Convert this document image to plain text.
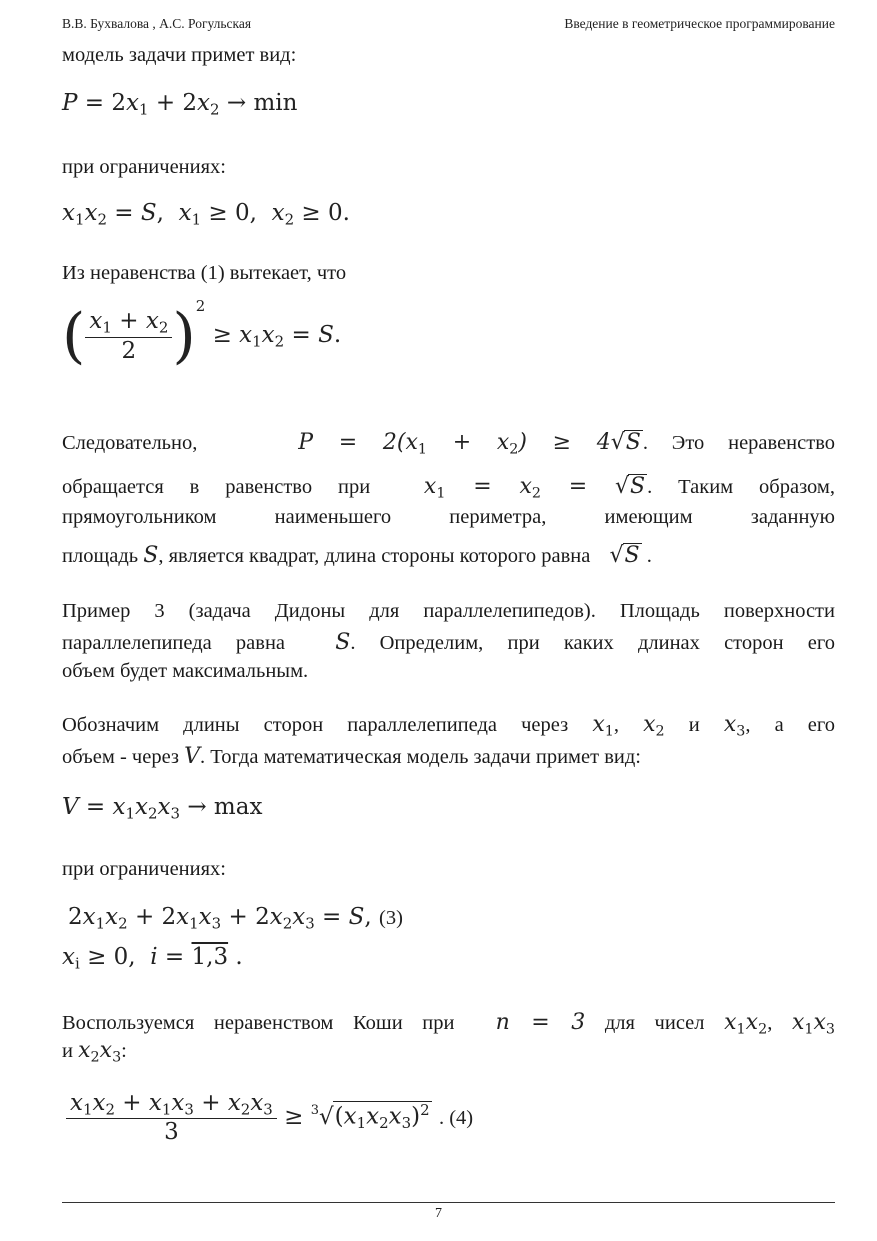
В.В. Бухвалова , А.С. Рогульская	Введение в геометрическое программирование
модель задачи примет вид:
$P = 2x_1 + 2x_2 \to \min$
при ограничениях:
$x_1x_2 = S$,  $x_1 \ge 0$,  $x_2 \ge 0$.
Из неравенства (1) вытекает, что
( $\frac{x_1 + x_2}{2} )^2 \ge x_1x_2 = S$.
Следовательно,    $P = 2(x_1 + x_2) \ge 4√S$. Это неравенство
обращается в равенство при  $x_1 = x_2 = √S$. Таким образом,
прямоугольником наименьшего периметра, имеющим заданную
площадь S, является квадрат, длина стороны которого равна   √S .
Пример 3 (задача Дидоны для параллелепипедов). Площадь поверхности
параллелепипеда равна  S. Определим, при каких длинах сторон его
объем будет максимальным.
Обозначим длины сторон параллелепипеда через $x_1$, $x_2$ и $x_3$, а его
объем - через V. Тогда математическая модель задачи примет вид:
$V = x_1x_2x_3 \to \max$
при ограничениях:
$2x_1x_2 + 2x_1x_3 + 2x_2x_3 = S$, (3)
$x_i \ge 0$,  i = 1,3 .
Воспользуемся неравенством Коши при  n = 3 для чисел $x_1x_2$, $x_1x_3$
и $x_2x_3$:
$\frac{x_1x_2 + x_1x_3 + x_2x_3}{3} \ge ^3√(x_1x_2x_3)^2$ . (4)
7
